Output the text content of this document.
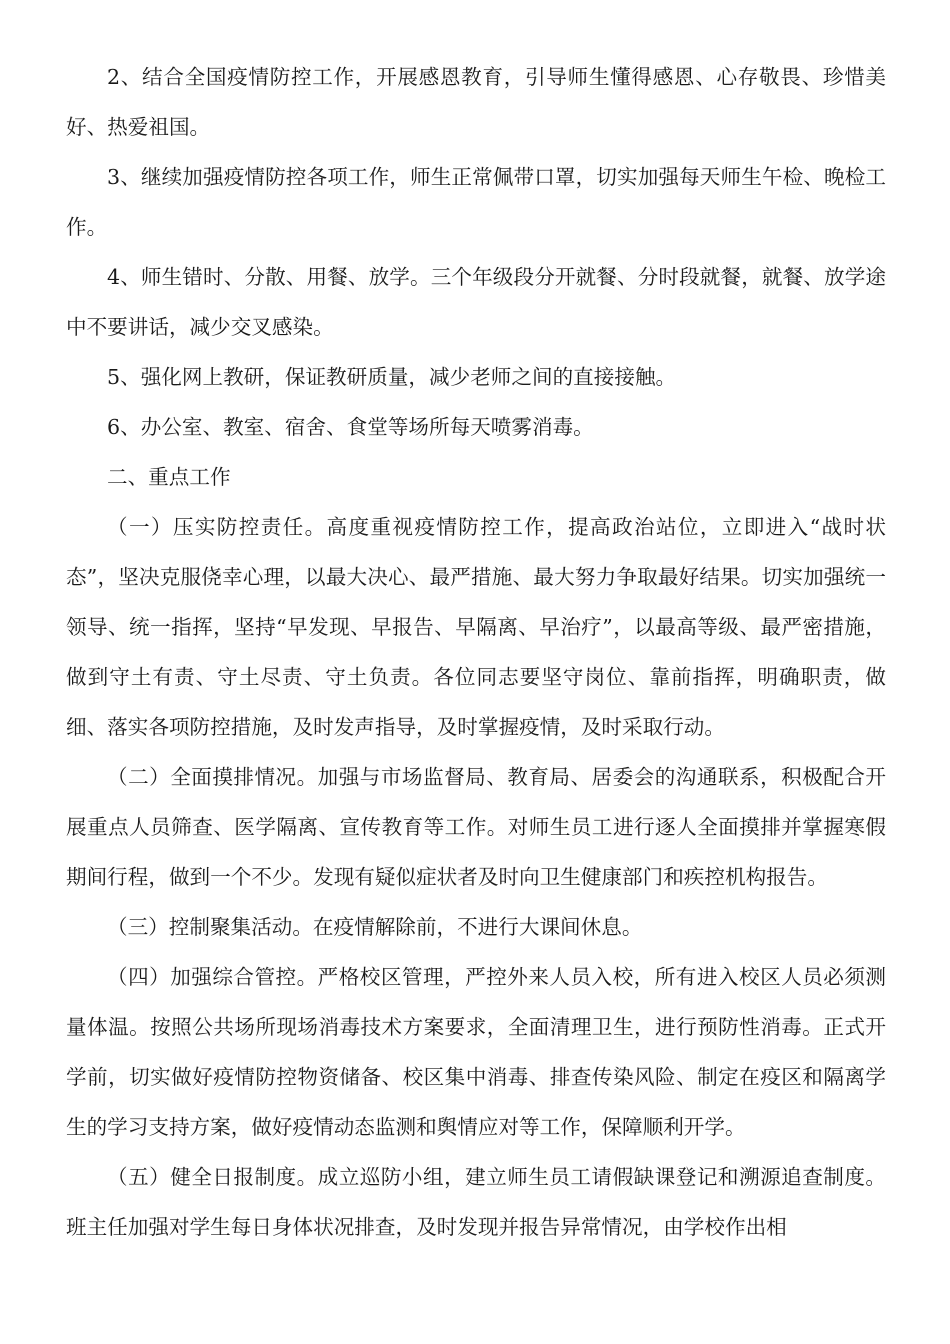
2、结合全国疫情防控工作，开展感恩教育，引导师生懂得感恩、心存敬畏、珍惜美好、热爱祖国。

3、继续加强疫情防控各项工作，师生正常佩带口罩，切实加强每天师生午检、晚检工作。

4、师生错时、分散、用餐、放学。三个年级段分开就餐、分时段就餐，就餐、放学途中不要讲话，减少交叉感染。

5、强化网上教研，保证教研质量，减少老师之间的直接接触。

6、办公室、教室、宿舍、食堂等场所每天喷雾消毒。

二、重点工作

（一）压实防控责任。高度重视疫情防控工作，提高政治站位，立即进入“战时状态”，坚决克服侥幸心理，以最大决心、最严措施、最大努力争取最好结果。切实加强统一领导、统一指挥，坚持“早发现、早报告、早隔离、早治疗”，以最高等级、最严密措施，做到守土有责、守土尽责、守土负责。各位同志要坚守岗位、靠前指挥，明确职责，做细、落实各项防控措施，及时发声指导，及时掌握疫情，及时采取行动。

（二）全面摸排情况。加强与市场监督局、教育局、居委会的沟通联系，积极配合开展重点人员筛查、医学隔离、宣传教育等工作。对师生员工进行逐人全面摸排并掌握寒假期间行程，做到一个不少。发现有疑似症状者及时向卫生健康部门和疾控机构报告。

（三）控制聚集活动。在疫情解除前，不进行大课间休息。

（四）加强综合管控。严格校区管理，严控外来人员入校，所有进入校区人员必须测量体温。按照公共场所现场消毒技术方案要求，全面清理卫生，进行预防性消毒。正式开学前，切实做好疫情防控物资储备、校区集中消毒、排查传染风险、制定在疫区和隔离学生的学习支持方案，做好疫情动态监测和舆情应对等工作，保障顺利开学。

（五）健全日报制度。成立巡防小组，建立师生员工请假缺课登记和溯源追查制度。班主任加强对学生每日身体状况排查，及时发现并报告异常情况，由学校作出相
